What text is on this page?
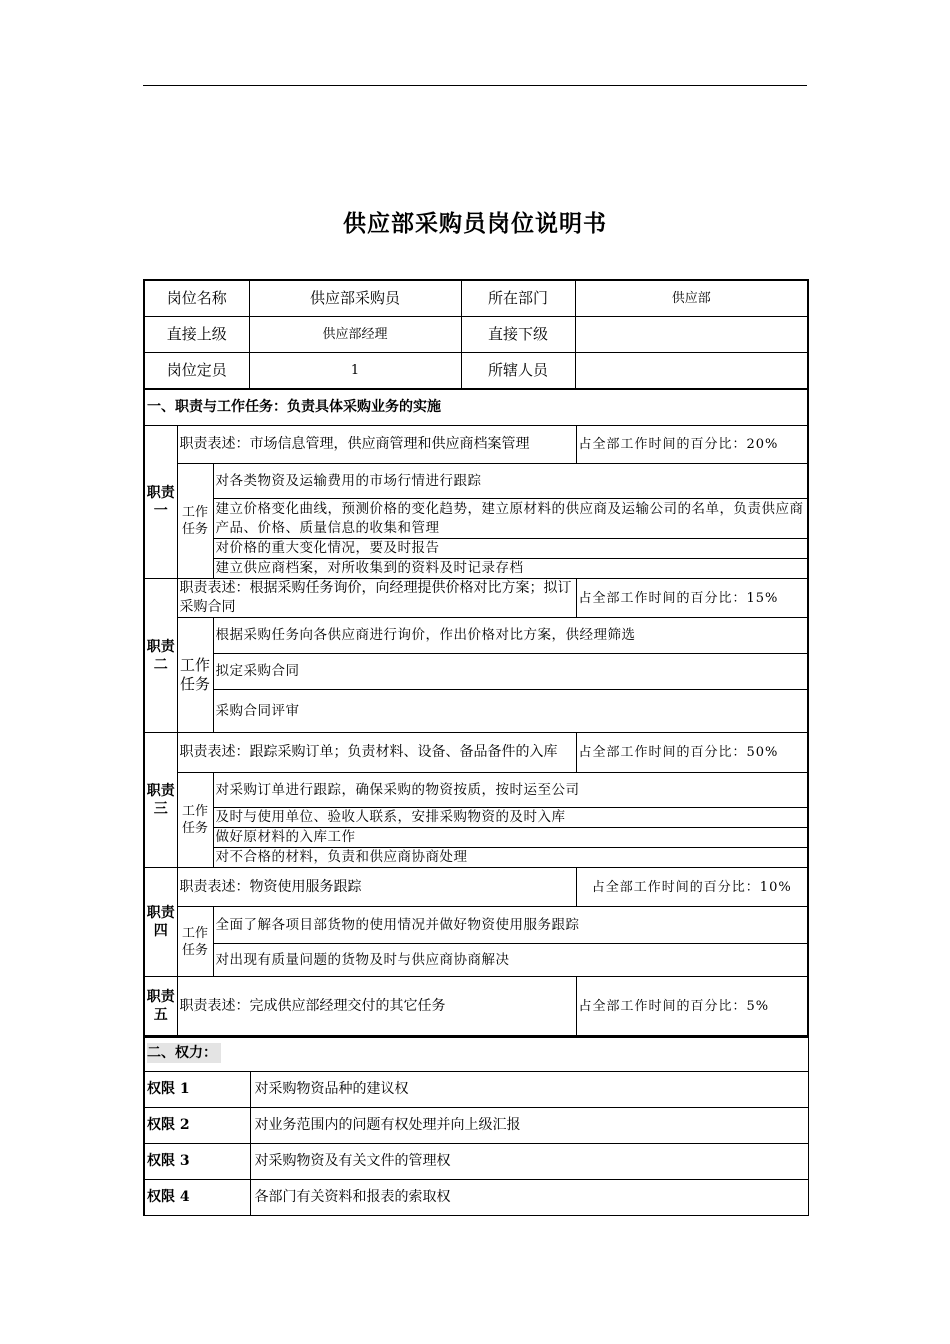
供应部采购员岗位说明书
岗位名称	供应部采购员	所在部门	供应部
直接上级	供应部经理	直接下级	
岗位定员	1	所辖人员	
一、职责与工作任务：负责具体采购业务的实施			
职责一	职责表述：市场信息管理，供应商管理和供应商档案管理		占全部工作时间的百分比：20%
	工作任务	对各类物资及运输费用的市场行情进行跟踪	
		建立价格变化曲线，预测价格的变化趋势，建立原材料的供应商及运输公司的名单，负责供应商产品、价格、质量信息的收集和管理	
		对价格的重大变化情况，要及时报告	
		建立供应商档案，对所收集到的资料及时记录存档	
职责二	职责表述：根据采购任务询价，向经理提供价格对比方案；拟订采购合同		占全部工作时间的百分比：15%
	工作任务	根据采购任务向各供应商进行询价，作出价格对比方案，供经理筛选	
		拟定采购合同	
		采购合同评审	
职责三	职责表述：跟踪采购订单；负责材料、设备、备品备件的入库		占全部工作时间的百分比：50%
	工作任务	对采购订单进行跟踪，确保采购的物资按质，按时运至公司	
		及时与使用单位、验收人联系，安排采购物资的及时入库	
		做好原材料的入库工作	
		对不合格的材料，负责和供应商协商处理	
职责四	职责表述：物资使用服务跟踪		占全部工作时间的百分比：10%
	工作任务	全面了解各项目部货物的使用情况并做好物资使用服务跟踪	
		对出现有质量问题的货物及时与供应商协商解决	
职责五	职责表述：完成供应部经理交付的其它任务		占全部工作时间的百分比：5%
二、权力：	
权限 1	对采购物资品种的建议权
权限 2	对业务范围内的问题有权处理并向上级汇报
权限 3	对采购物资及有关文件的管理权
权限 4	各部门有关资料和报表的索取权
